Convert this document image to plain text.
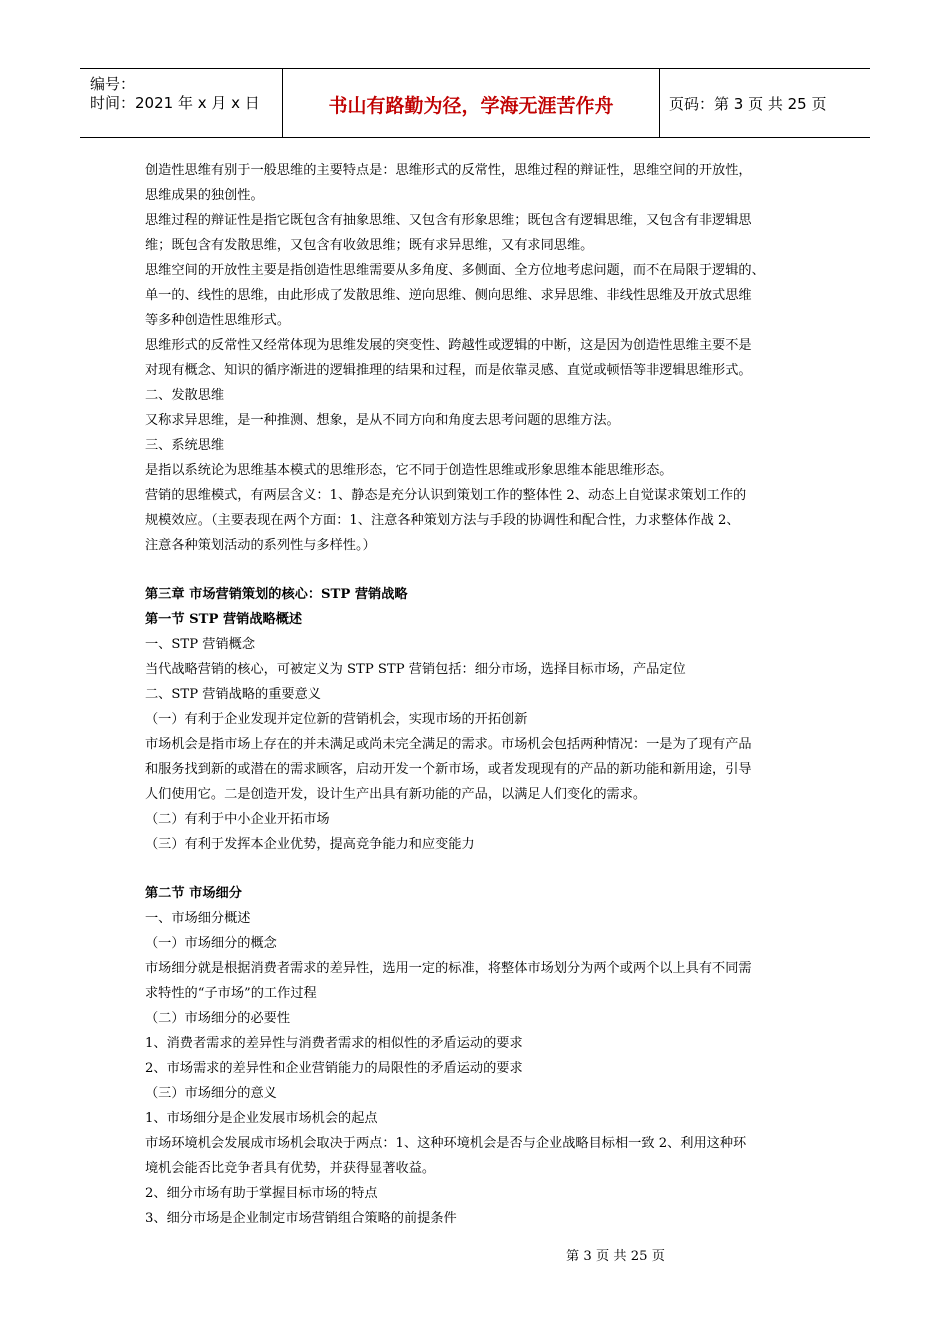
编号：
时间：2021 年 x 月 x 日	书山有路勤为径，学海无涯苦作舟	页码：第 3 页 共 25 页
创造性思维有别于一般思维的主要特点是：思维形式的反常性，思维过程的辩证性，思维空间的开放性，
思维成果的独创性。
思维过程的辩证性是指它既包含有抽象思维、又包含有形象思维；既包含有逻辑思维，又包含有非逻辑思
维；既包含有发散思维，又包含有收敛思维；既有求异思维，又有求同思维。
思维空间的开放性主要是指创造性思维需要从多角度、多侧面、全方位地考虑问题，而不在局限于逻辑的、
单一的、线性的思维，由此形成了发散思维、逆向思维、侧向思维、求异思维、非线性思维及开放式思维
等多种创造性思维形式。
思维形式的反常性又经常体现为思维发展的突变性、跨越性或逻辑的中断，这是因为创造性思维主要不是
对现有概念、知识的循序渐进的逻辑推理的结果和过程，而是依靠灵感、直觉或顿悟等非逻辑思维形式。
二、发散思维
又称求异思维，是一种推测、想象，是从不同方向和角度去思考问题的思维方法。
三、系统思维
是指以系统论为思维基本模式的思维形态，它不同于创造性思维或形象思维本能思维形态。
营销的思维模式，有两层含义：1、静态是充分认识到策划工作的整体性 2、动态上自觉谋求策划工作的
规模效应。（主要表现在两个方面：1、注意各种策划方法与手段的协调性和配合性，力求整体作战 2、
注意各种策划活动的系列性与多样性。）
第三章 市场营销策划的核心：STP 营销战略
第一节 STP 营销战略概述
一、STP 营销概念
当代战略营销的核心，可被定义为 STP STP 营销包括：细分市场，选择目标市场，产品定位
二、STP 营销战略的重要意义
（一）有利于企业发现并定位新的营销机会，实现市场的开拓创新
市场机会是指市场上存在的并未满足或尚未完全满足的需求。市场机会包括两种情况：一是为了现有产品
和服务找到新的或潜在的需求顾客，启动开发一个新市场，或者发现现有的产品的新功能和新用途，引导
人们使用它。二是创造开发，设计生产出具有新功能的产品，以满足人们变化的需求。
（二）有利于中小企业开拓市场
（三）有利于发挥本企业优势，提高竞争能力和应变能力
第二节 市场细分
一、市场细分概述
（一）市场细分的概念
市场细分就是根据消费者需求的差异性，选用一定的标准，将整体市场划分为两个或两个以上具有不同需
求特性的“子市场”的工作过程
（二）市场细分的必要性
1、消费者需求的差异性与消费者需求的相似性的矛盾运动的要求
2、市场需求的差异性和企业营销能力的局限性的矛盾运动的要求
（三）市场细分的意义
1、市场细分是企业发展市场机会的起点
市场环境机会发展成市场机会取决于两点：1、这种环境机会是否与企业战略目标相一致 2、利用这种环
境机会能否比竞争者具有优势，并获得显著收益。
2、细分市场有助于掌握目标市场的特点
3、细分市场是企业制定市场营销组合策略的前提条件
第 3 页 共 25 页
